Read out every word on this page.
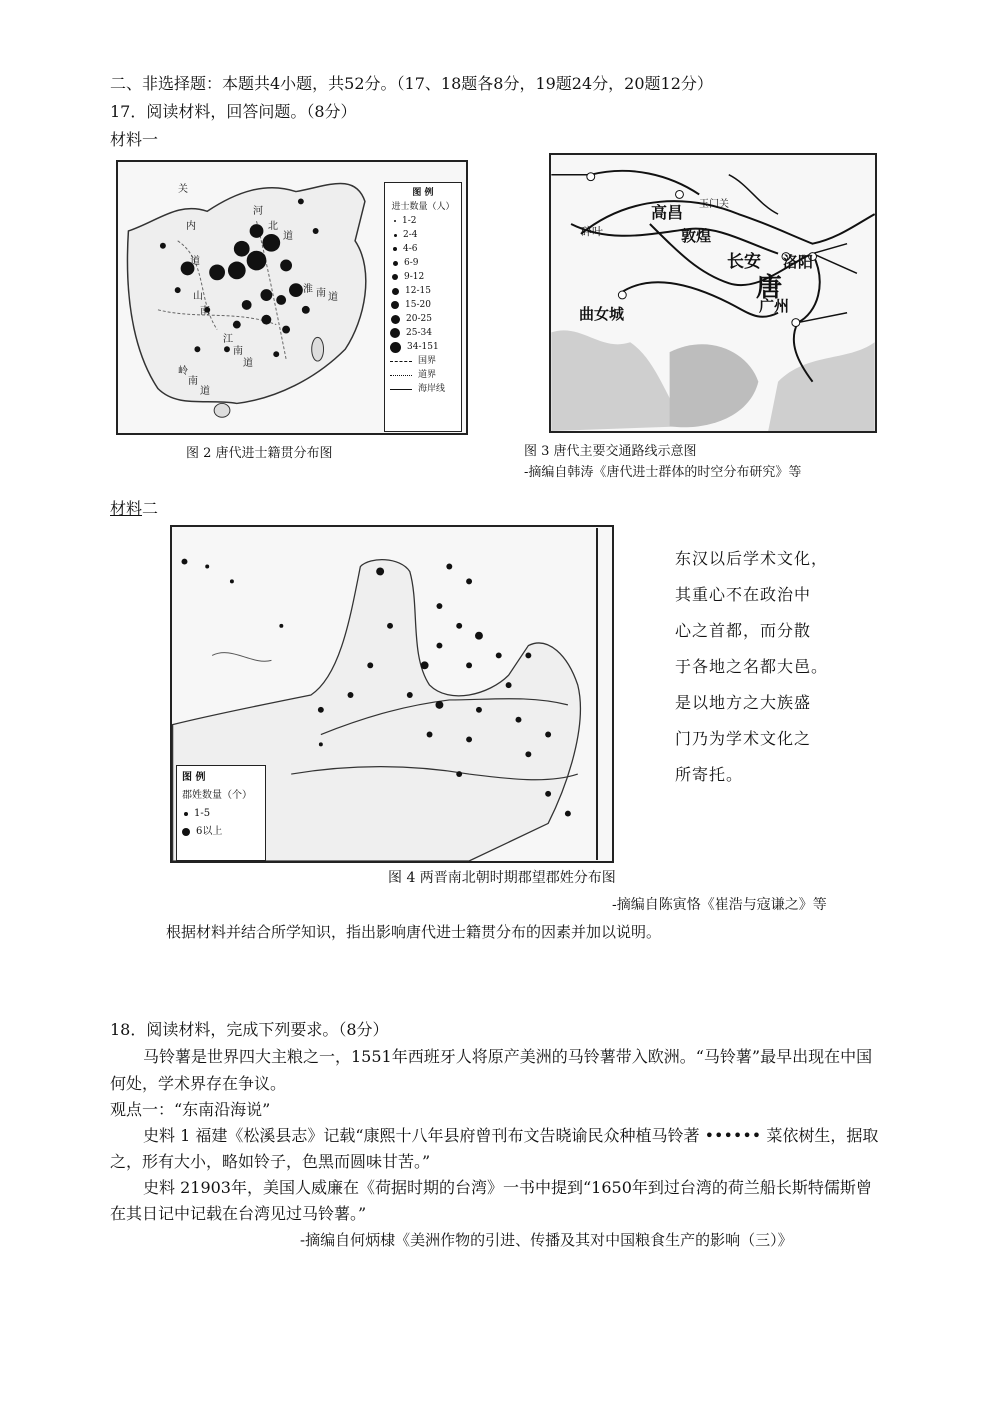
二、非选择题：本题共4小题，共52分。（17、18题各8分，19题24分，20题12分）
17．阅读材料，回答问题。（8分）
材料一
关
内
道
河
北
道
山
南
江
南
道
岭
南
道
淮 南 道
图 例
进士数量（人）
1-2
2-4
4-6
6-9
9-12
12-15
15-20
20-25
25-34
34-151
国界
道界
海岸线
图 2 唐代进士籍贯分布图
高昌 玉门关
敦煌
碎叶
长安 洛阳
唐
广州
曲女城
图 3 唐代主要交通路线示意图
-摘编自韩涛《唐代进士群体的时空分布研究》等
材料二
图 例
郡姓数量（个）
1-5
6以上
东汉以后学术文化，
其重心不在政治中
心之首都，而分散
于各地之名都大邑。
是以地方之大族盛
门乃为学术文化之
所寄托。
图 4 两晋南北朝时期郡望郡姓分布图
-摘编自陈寅恪《崔浩与寇谦之》等
根据材料并结合所学知识，指出影响唐代进士籍贯分布的因素并加以说明。
18．阅读材料，完成下列要求。（8分）
马铃薯是世界四大主粮之一，1551年西班牙人将原产美洲的马铃薯带入欧洲。“马铃薯”最早出现在中国
何处，学术界存在争议。
观点一：“东南沿海说”
史料 1 福建《松溪县志》记载“康熙十八年县府曾刊布文告晓谕民众种植马铃著 •••••• 菜依树生，据取
之，形有大小，略如铃子，色黑而圆味甘苦。”
史料 21903年，美国人威廉在《荷据时期的台湾》一书中提到“1650年到过台湾的荷兰船长斯特儒斯曾
在其日记中记载在台湾见过马铃薯。”
-摘编自何炳棣《美洲作物的引进、传播及其对中国粮食生产的影响（三）》
